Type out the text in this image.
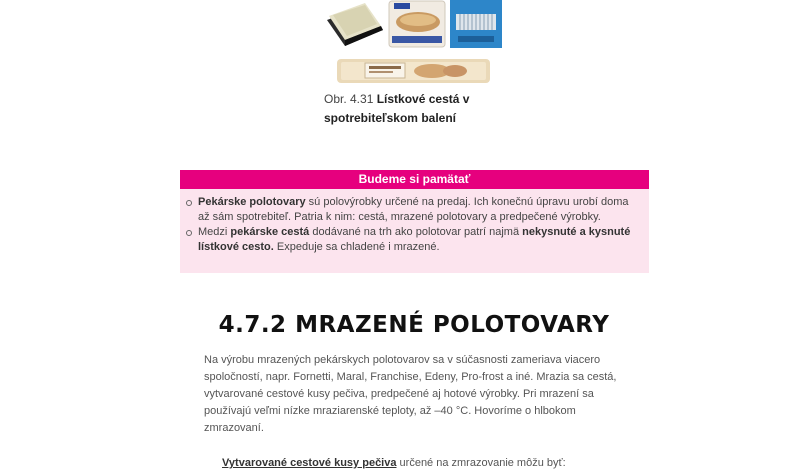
Obr. 4.31 Lístkové cestá v spotrebiteľskom balení
Budeme si pamätať
Pekárske polotovary sú polovýrobky určené na predaj. Ich konečnú úpravu urobí doma až sám spotrebiteľ. Patria k nim: cestá, mrazené polotovary a predpečené výrobky.
Medzi pekárske cestá dodávané na trh ako polotovar patrí najmä nekysnuté a kysnuté lístkové cesto. Expeduje sa chladené i mrazené.
4.7.2 MRAZENÉ POLOTOVARY
Na výrobu mrazených pekárskych polotovarov sa v súčasnosti zameriava viacero spoločností, napr. Fornetti, Maral, Franchise, Edeny, Pro-frost a iné. Mrazia sa cestá, vytvarované cestové kusy pečiva, predpečené aj hotové výrobky. Pri mrazení sa používajú veľmi nízke mraziarenské teploty, až –40 °C. Hovoríme o hlbokom zmrazovaní.
Vytvarované cestové kusy pečiva určené na zmrazovanie môžu byť:
